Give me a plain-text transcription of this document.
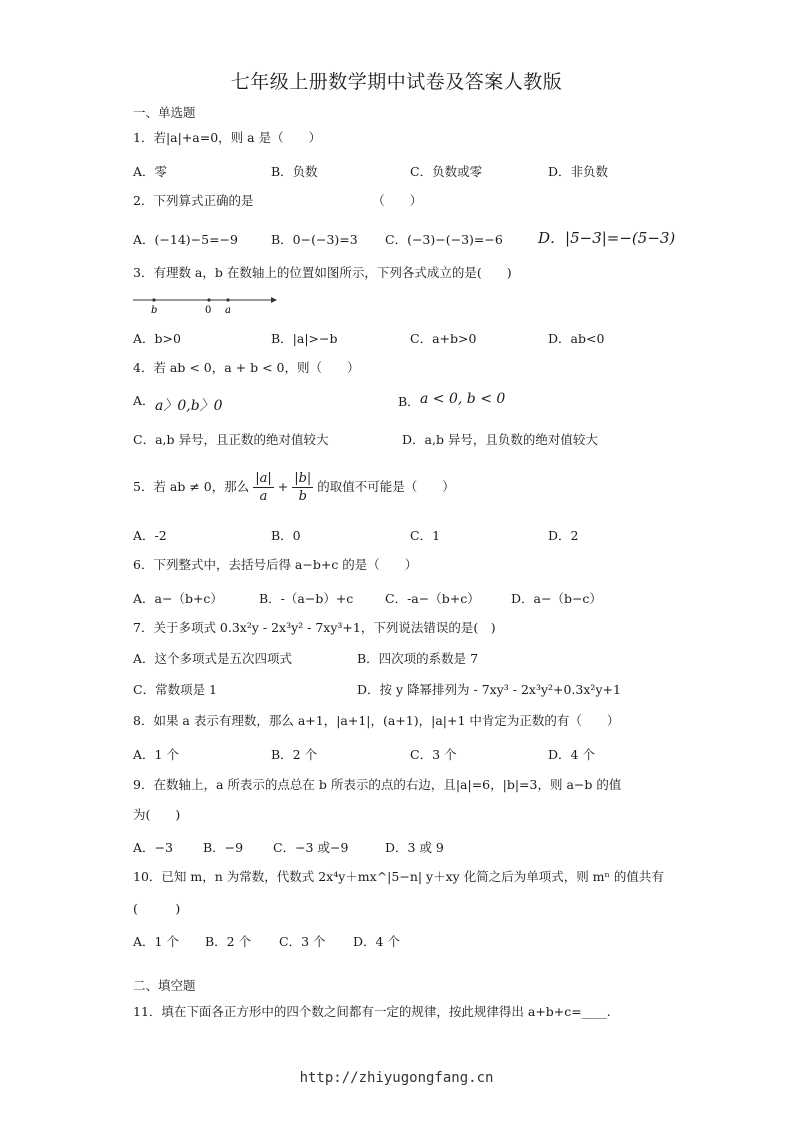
七年级上册数学期中试卷及答案人教版
一、单选题
1．若|a|+a=0，则 a 是（　　）
A．零	B．负数	C．负数或零	D．非负数
2．下列算式正确的是　　　　　　　　　　（　　）
A．(−14)−5=−9	B．0−(−3)=3 C．(−3)−(−3)=−6 D．|5−3|=−(5−3)
3．有理数 a，b 在数轴上的位置如图所示，下列各式成立的是(　　)
b	0 a
A．b>0	B．|a|>−b	C．a+b>0	D．ab<0
4．若 ab < 0，a + b < 0，则（　　）
A． a〉0,b〉0	B． a < 0, b < 0
C．a,b 异号，且正数的绝对值较大	D．a,b 异号，且负数的绝对值较大
5．若 ab ≠ 0，那么 $\frac{|a|}{a} + \frac{|b|}{b}$ 的取值不可能是（　　）
A．-2	B．0	C．1	D．2
6．下列整式中，去括号后得 a−b+c 的是（　　）
A．a−（b+c）	B．-（a−b）+c	C．-a−（b+c）	D．a−（b−c）
7．关于多项式 0.3x²y - 2x³y² - 7xy³+1，下列说法错误的是(　)
A．这个多项式是五次四项式	B．四次项的系数是 7
C．常数项是 1	D．按 y 降幂排列为 - 7xy³ - 2x³y²+0.3x²y+1
8．如果 a 表示有理数，那么 a+1，|a+1|，(a+1)，|a|+1 中肯定为正数的有（　　）
A．1 个	B．2 个	C．3 个	D．4 个
9．在数轴上，a 所表示的点总在 b 所表示的点的右边，且|a|=6，|b|=3，则 a−b 的值
为(　　)
A．−3 B．−9 C．−3 或−9	D．3 或 9
10．已知 m，n 为常数，代数式 2x⁴y＋mx^|5−n| y＋xy 化简之后为单项式，则 mⁿ 的值共有
(　　　)
A．1 个 B．2 个 C．3 个 D．4 个
二、填空题
11．填在下面各正方形中的四个数之间都有一定的规律，按此规律得出 a+b+c=____.
http://zhiyugongfang.cn
